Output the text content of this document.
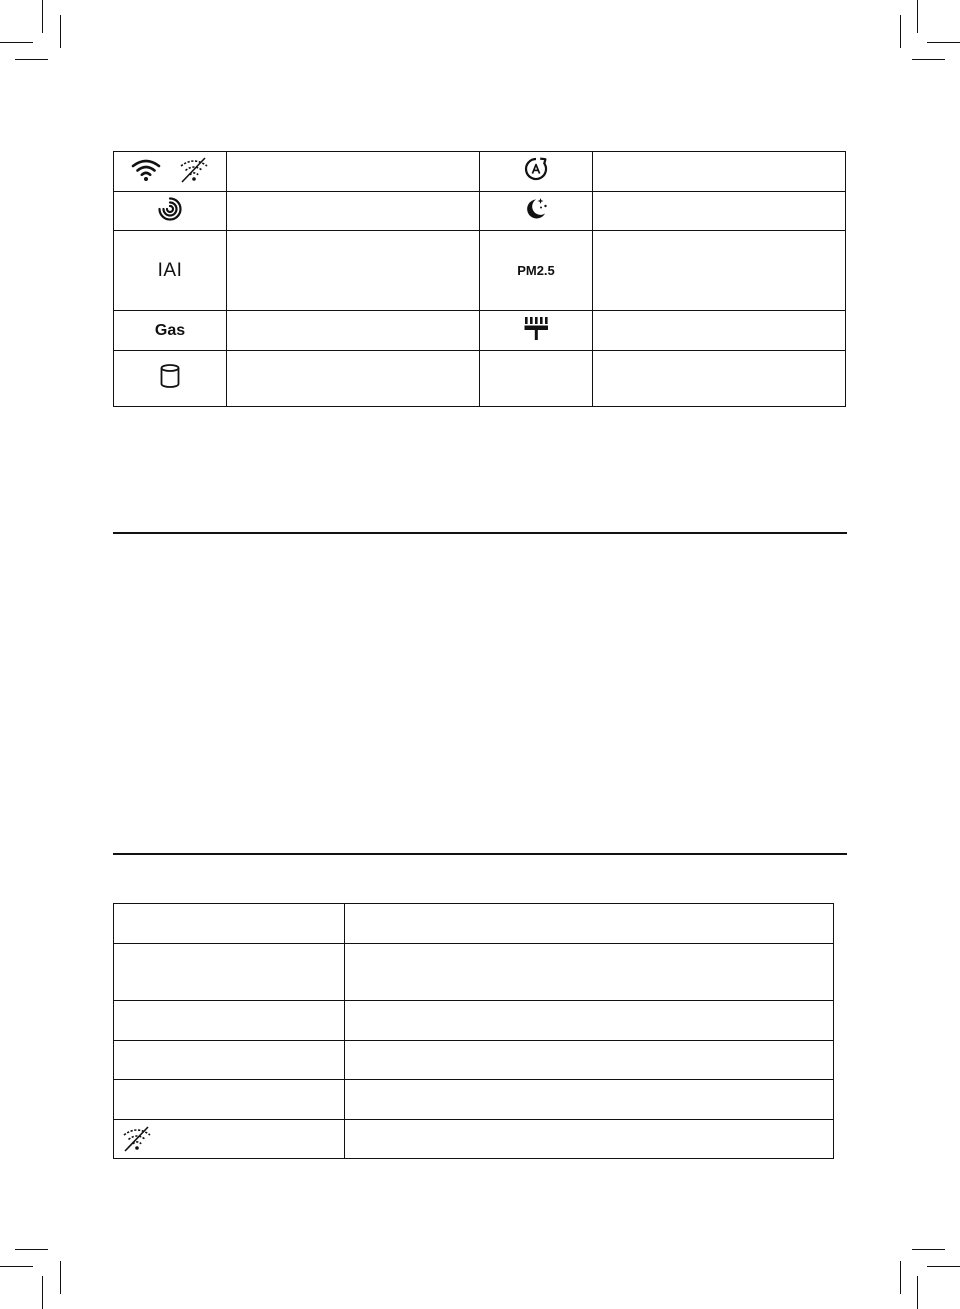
IAI		PM2.5	
Gas			
